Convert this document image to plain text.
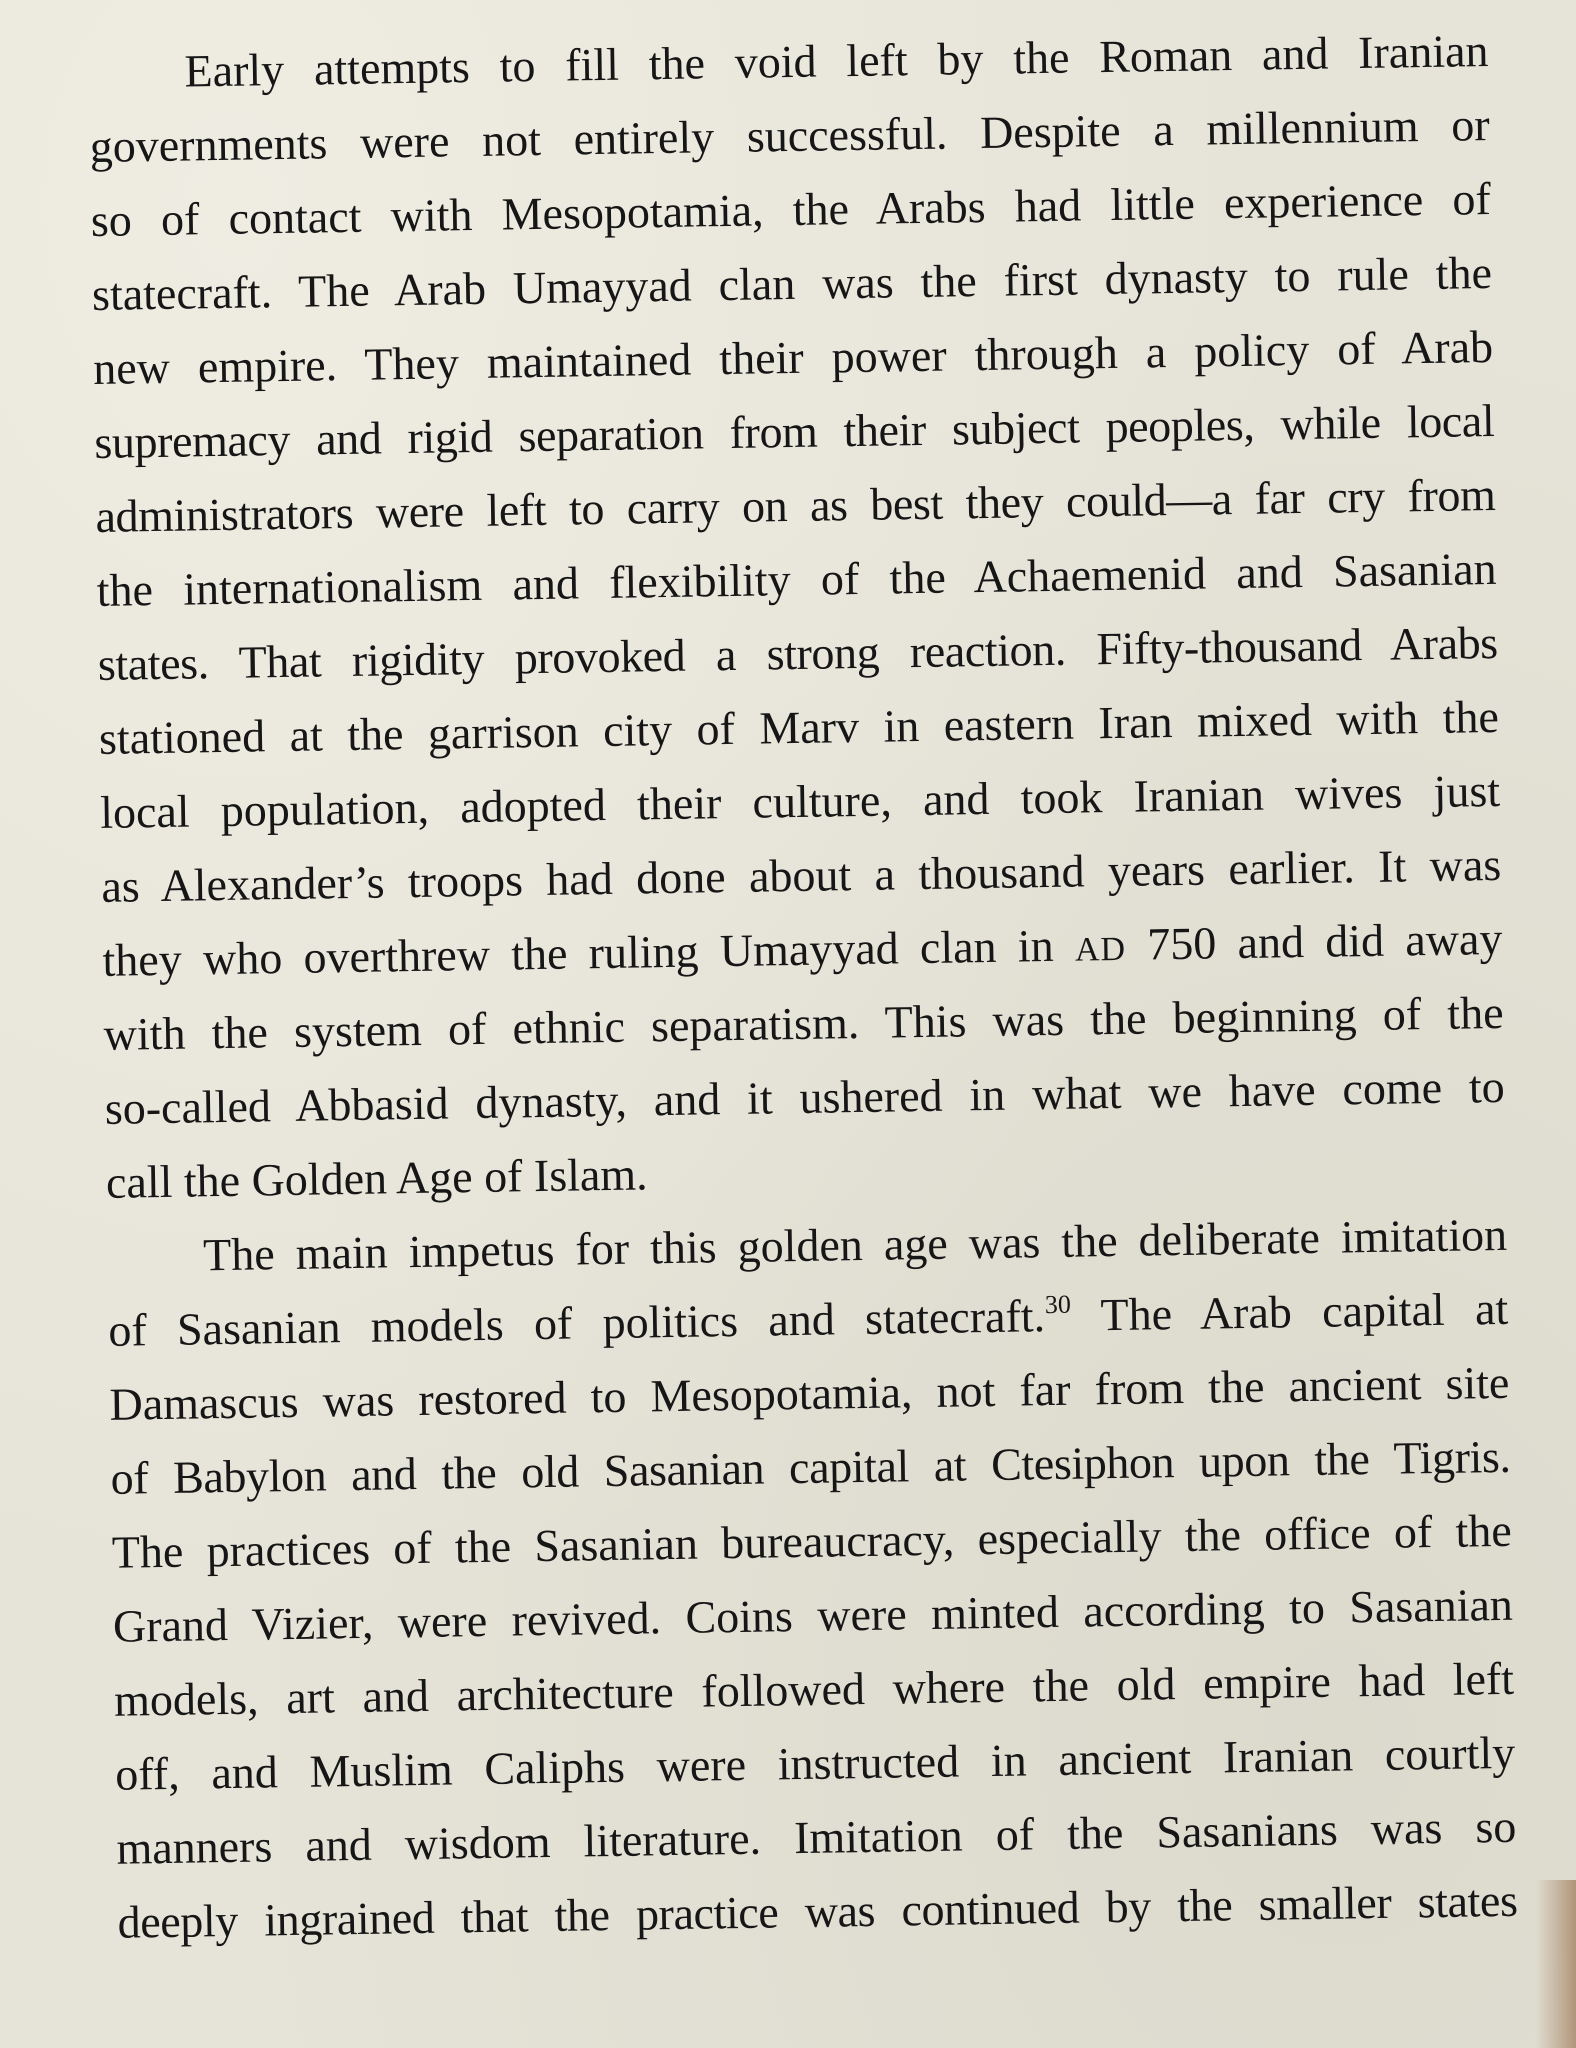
Early attempts to fill the void left by the Roman and Iranian
governments were not entirely successful. Despite a millennium or
so of contact with Mesopotamia, the Arabs had little experience of
statecraft. The Arab Umayyad clan was the first dynasty to rule the
new empire. They maintained their power through a policy of Arab
supremacy and rigid separation from their subject peoples, while local
administrators were left to carry on as best they could—a far cry from
the internationalism and flexibility of the Achaemenid and Sasanian
states. That rigidity provoked a strong reaction. Fifty-thousand Arabs
stationed at the garrison city of Marv in eastern Iran mixed with the
local population, adopted their culture, and took Iranian wives just
as Alexander’s troops had done about a thousand years earlier. It was
they who overthrew the ruling Umayyad clan in AD 750 and did away
with the system of ethnic separatism. This was the beginning of the
so-called Abbasid dynasty, and it ushered in what we have come to
call the Golden Age of Islam.
The main impetus for this golden age was the deliberate imitation
of Sasanian models of politics and statecraft.$^{30}$ The Arab capital at
Damascus was restored to Mesopotamia, not far from the ancient site
of Babylon and the old Sasanian capital at Ctesiphon upon the Tigris.
The practices of the Sasanian bureaucracy, especially the office of the
Grand Vizier, were revived. Coins were minted according to Sasanian
models, art and architecture followed where the old empire had left
off, and Muslim Caliphs were instructed in ancient Iranian courtly
manners and wisdom literature. Imitation of the Sasanians was so
deeply ingrained that the practice was continued by the smaller states
